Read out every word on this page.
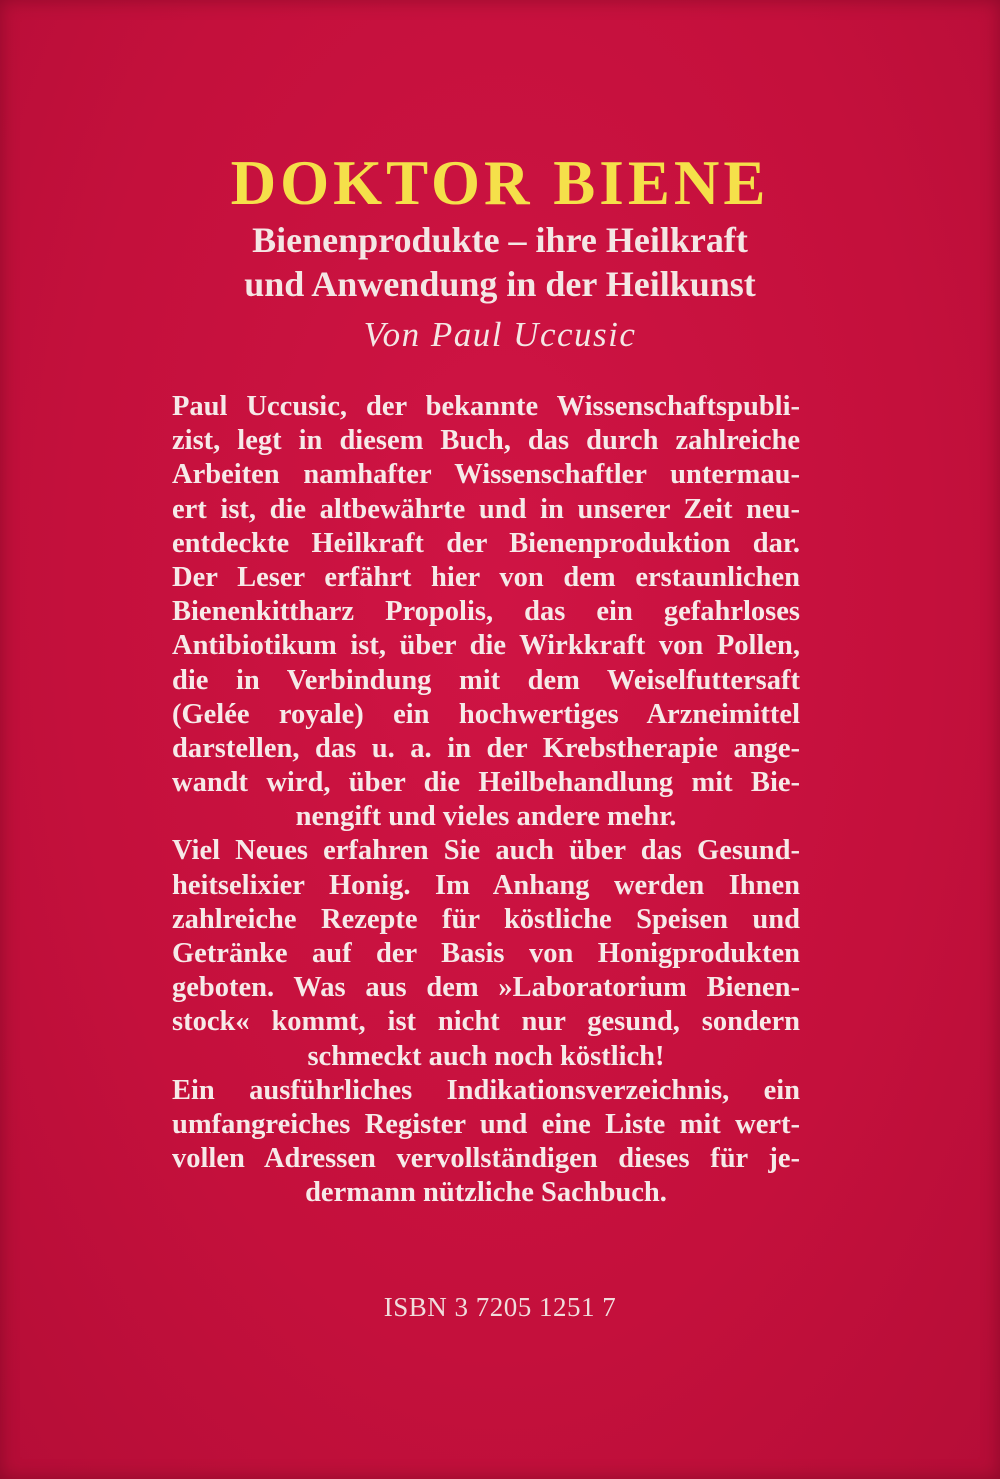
DOKTOR BIENE
Bienenprodukte – ihre Heilkraft
und Anwendung in der Heilkunst
Von Paul Uccusic
Paul Uccusic, der bekannte Wissenschaftspubli-
zist, legt in diesem Buch, das durch zahlreiche
Arbeiten namhafter Wissenschaftler untermau-
ert ist, die altbewährte und in unserer Zeit neu-
entdeckte Heilkraft der Bienenproduktion dar.
Der Leser erfährt hier von dem erstaunlichen
Bienenkittharz Propolis, das ein gefahrloses
Antibiotikum ist, über die Wirkkraft von Pollen,
die in Verbindung mit dem Weiselfuttersaft
(Gelée royale) ein hochwertiges Arzneimittel
darstellen, das u. a. in der Krebstherapie ange-
wandt wird, über die Heilbehandlung mit Bie-
nengift und vieles andere mehr.
Viel Neues erfahren Sie auch über das Gesund-
heitselixier Honig. Im Anhang werden Ihnen
zahlreiche Rezepte für köstliche Speisen und
Getränke auf der Basis von Honigprodukten
geboten. Was aus dem »Laboratorium Bienen-
stock« kommt, ist nicht nur gesund, sondern
schmeckt auch noch köstlich!
Ein ausführliches Indikationsverzeichnis, ein
umfangreiches Register und eine Liste mit wert-
vollen Adressen vervollständigen dieses für je-
dermann nützliche Sachbuch.
ISBN 3 7205 1251 7
